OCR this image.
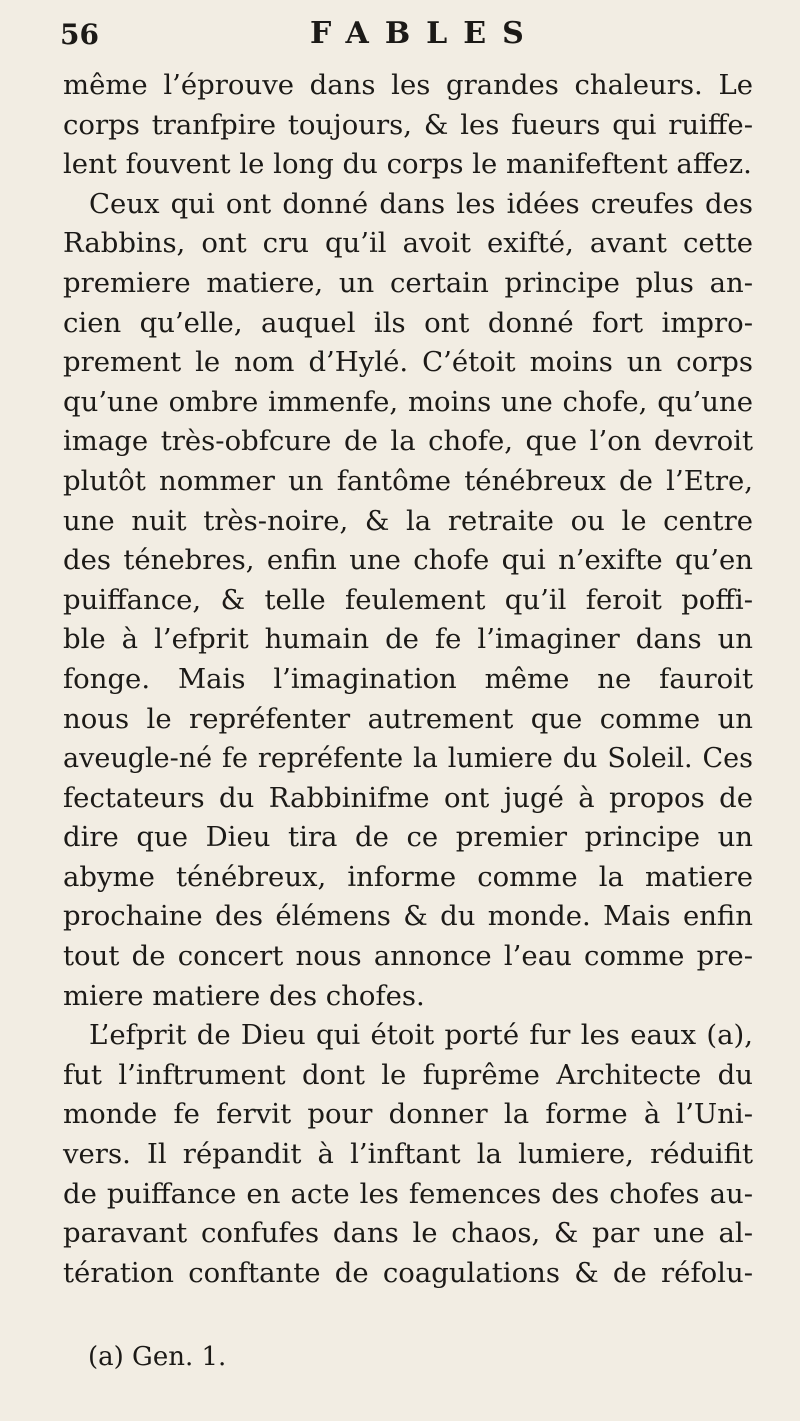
56	FABLES
même l’éprouve dans les grandes chaleurs. Le
corps tranfpire toujours, & les fueurs qui ruiffe-
lent fouvent le long du corps le manifeftent affez.
Ceux qui ont donné dans les idées creufes des
Rabbins, ont cru qu’il avoit exifté, avant cette
premiere matiere, un certain principe plus an-
cien qu’elle, auquel ils ont donné fort impro-
prement le nom d’Hylé. C’étoit moins un corps
qu’une ombre immenfe, moins une chofe, qu’une
image très-obfcure de la chofe, que l’on devroit
plutôt nommer un fantôme ténébreux de l’Etre,
une nuit très-noire, & la retraite ou le centre
des ténebres, enfin une chofe qui n’exifte qu’en
puiffance, & telle feulement qu’il feroit poffi-
ble à l’efprit humain de fe l’imaginer dans un
fonge. Mais l’imagination même ne fauroit
nous le repréfenter autrement que comme un
aveugle-né fe repréfente la lumiere du Soleil. Ces
fectateurs du Rabbinifme ont jugé à propos de
dire que Dieu tira de ce premier principe un
abyme ténébreux, informe comme la matiere
prochaine des élémens & du monde. Mais enfin
tout de concert nous annonce l’eau comme pre-
miere matiere des chofes.
L’efprit de Dieu qui étoit porté fur les eaux (a),
fut l’inftrument dont le fuprême Architecte du
monde fe fervit pour donner la forme à l’Uni-
vers. Il répandit à l’inftant la lumiere, réduifit
de puiffance en acte les femences des chofes au-
paravant confufes dans le chaos, & par une al-
tération conftante de coagulations & de réfolu-
(a) Gen. 1.
